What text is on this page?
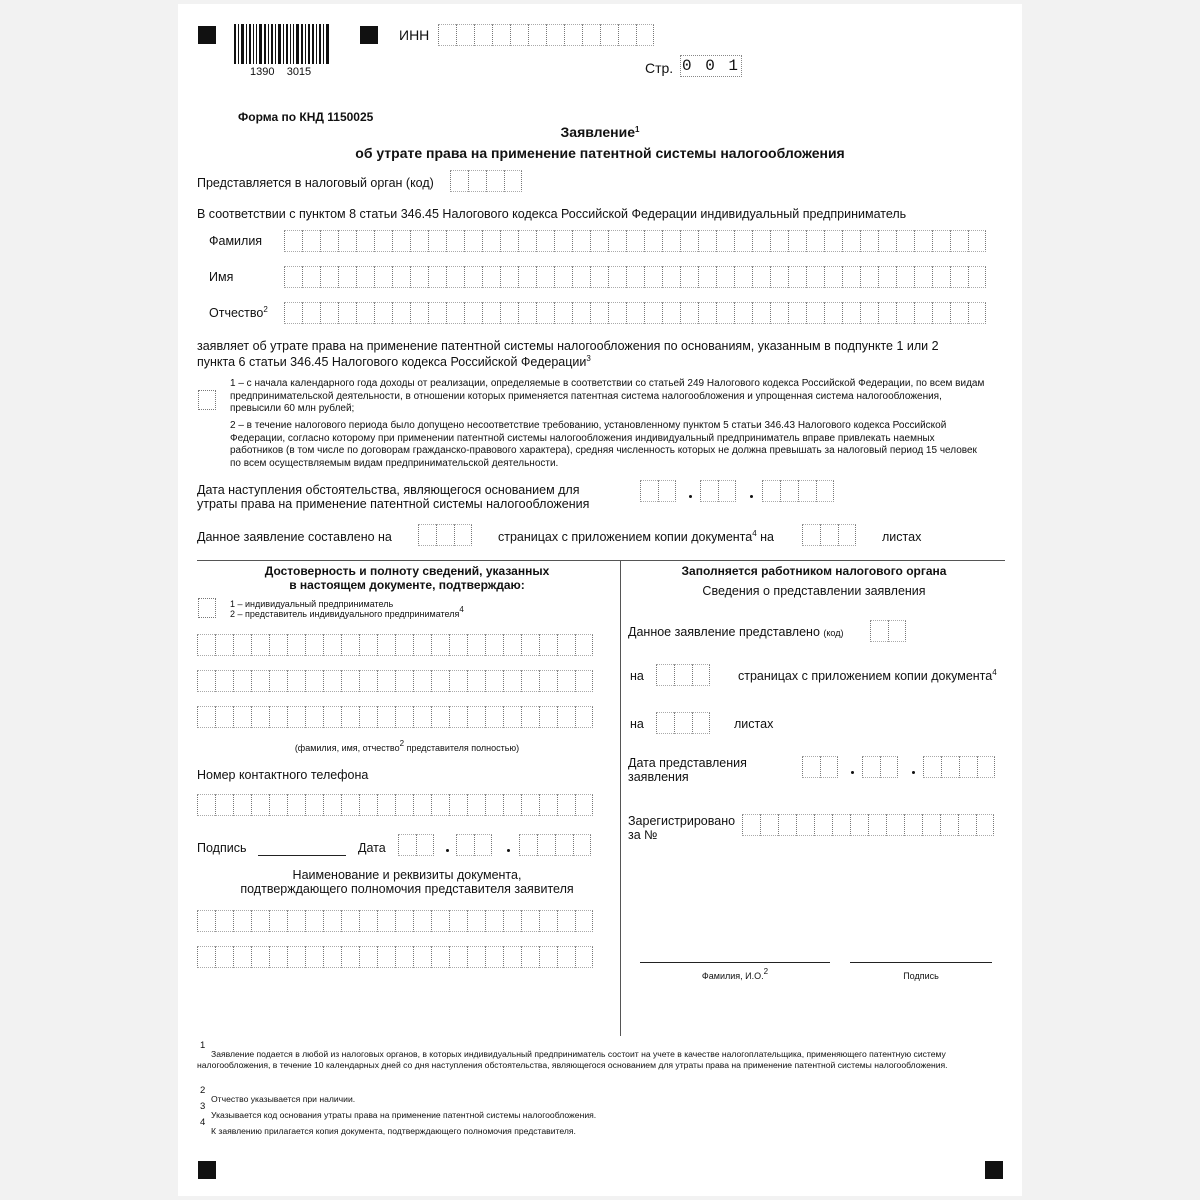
1390    3015
ИНН
Стр. 0 0 1
Форма по КНД 1150025
Заявление$^1$
об утрате права на применение патентной системы налогообложения
Представляется в налоговый орган (код)
В соответствии с пунктом 8 статьи 346.45 Налогового кодекса Российской Федерации индивидуальный предприниматель
Фамилия
Имя
Отчество$^2$
заявляет об утрате права на применение патентной системы налогообложения по основаниям, указанным в подпункте 1 или 2
пункта 6 статьи 346.45 Налогового кодекса Российской Федерации$^3$
1 – с начала календарного года доходы от реализации, определяемые в соответствии со статьей 249 Налогового кодекса Российской Федерации, по всем видам предпринимательской деятельности, в отношении которых применяется патентная система налогообложения и упрощенная система налогообложения, превысили 60 млн рублей;
2 – в течение налогового периода было допущено несоответствие требованию, установленному пунктом 5 статьи 346.43 Налогового кодекса Российской Федерации, согласно которому при применении патентной системы налогообложения индивидуальный предприниматель вправе привлекать наемных работников (в том числе по договорам гражданско-правового характера), средняя численность которых не должна превышать за налоговый период 15 человек по всем осуществляемым видам предпринимательской деятельности.
Дата наступления обстоятельства, являющегося основанием для
утраты права на применение патентной системы налогообложения
Данное заявление составлено на	страницах с приложением копии документа$^4$ на	листах
Достоверность и полноту сведений, указанных
в настоящем документе, подтверждаю:
1 – индивидуальный предприниматель
2 – представитель индивидуального предпринимателя4
(фамилия, имя, отчество2 представителя полностью)
Номер контактного телефона
Подпись	Дата
Наименование и реквизиты документа,
подтверждающего полномочия представителя заявителя
Заполняется работником налогового органа
Сведения о представлении заявления
Данное заявление представлено (код)
на	страницах с приложением копии документа$^4$
на	листах
Дата представления
заявления
Зарегистрировано
за №
Фамилия, И.О.2	Подпись
1
Заявление подается в любой из налоговых органов, в которых индивидуальный предприниматель состоит на учете в качестве налогоплательщика, применяющего патентную систему налогообложения, в течение 10 календарных дней со дня наступления обстоятельства, являющегося основанием для утраты права на применение патентной системы налогообложения.
2
Отчество указывается при наличии.
3
Указывается код основания утраты права на применение патентной системы налогообложения.
4
К заявлению прилагается копия документа, подтверждающего полномочия представителя.
